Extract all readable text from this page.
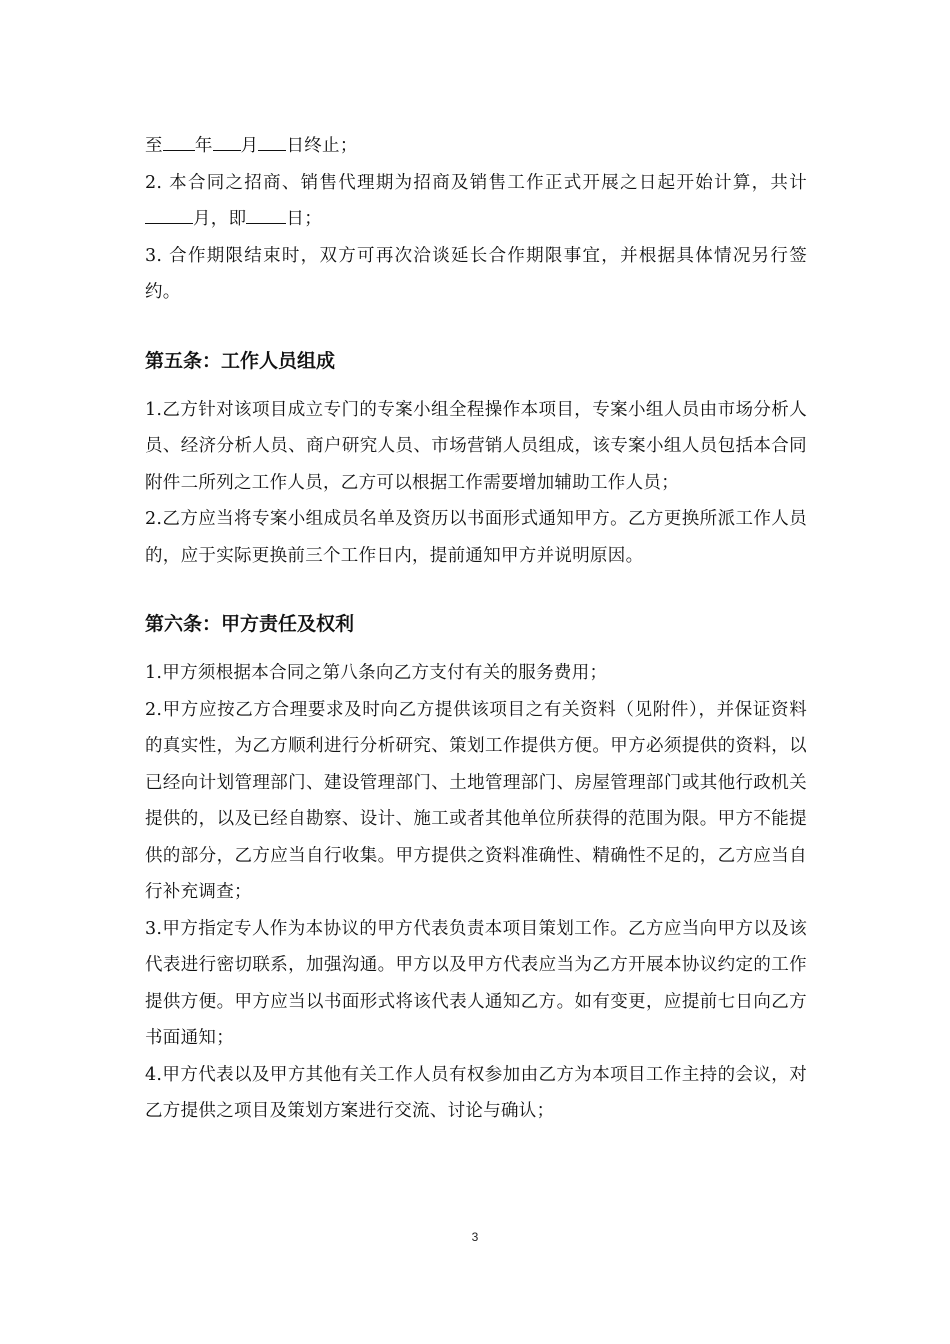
至 年 月 日终止；

2. 本合同之招商、销售代理期为招商及销售工作正式开展之日起开始计算，共计月，即 日；

3. 合作期限结束时，双方可再次洽谈延长合作期限事宜，并根据具体情况另行签约。

第五条：工作人员组成

1.乙方针对该项目成立专门的专案小组全程操作本项目，专案小组人员由市场分析人员、经济分析人员、商户研究人员、市场营销人员组成，该专案小组人员包括本合同附件二所列之工作人员，乙方可以根据工作需要增加辅助工作人员；

2.乙方应当将专案小组成员名单及资历以书面形式通知甲方。乙方更换所派工作人员的，应于实际更换前三个工作日内，提前通知甲方并说明原因。

第六条：甲方责任及权利

1.甲方须根据本合同之第八条向乙方支付有关的服务费用；

2.甲方应按乙方合理要求及时向乙方提供该项目之有关资料（见附件），并保证资料的真实性，为乙方顺利进行分析研究、策划工作提供方便。甲方必须提供的资料，以已经向计划管理部门、建设管理部门、土地管理部门、房屋管理部门或其他行政机关提供的，以及已经自勘察、设计、施工或者其他单位所获得的范围为限。甲方不能提供的部分，乙方应当自行收集。甲方提供之资料准确性、精确性不足的，乙方应当自行补充调查；

3.甲方指定专人作为本协议的甲方代表负责本项目策划工作。乙方应当向甲方以及该代表进行密切联系，加强沟通。甲方以及甲方代表应当为乙方开展本协议约定的工作提供方便。甲方应当以书面形式将该代表人通知乙方。如有变更，应提前七日向乙方书面通知；

4.甲方代表以及甲方其他有关工作人员有权参加由乙方为本项目工作主持的会议，对乙方提供之项目及策划方案进行交流、讨论与确认；

3
